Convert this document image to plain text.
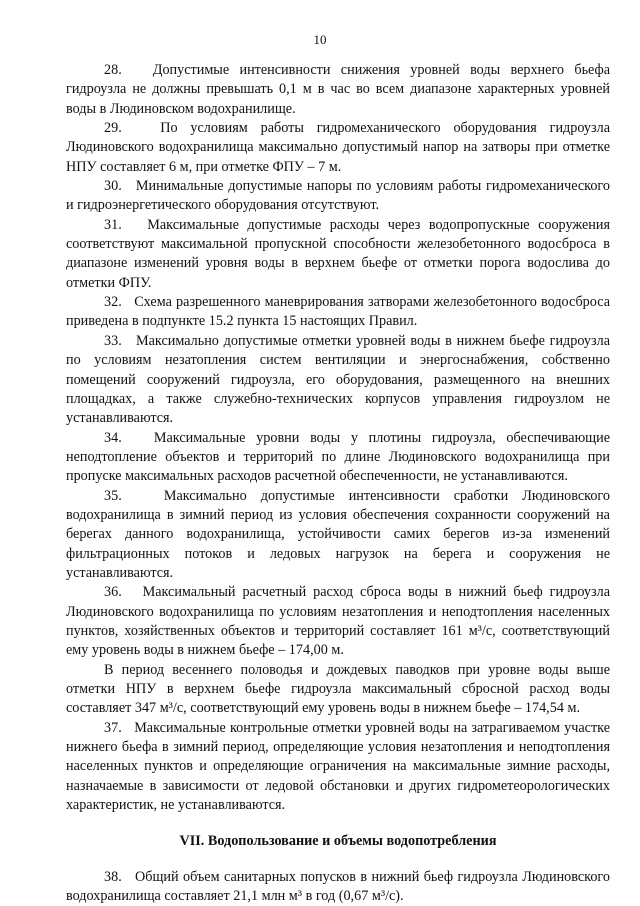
10

28.   Допустимые интенсивности снижения уровней воды верхнего бьефа гидроузла не должны превышать 0,1 м в час во всем диапазоне характерных уровней воды в Людиновском водохранилище.

29.   По условиям работы гидромеханического оборудования гидроузла Людиновского водохранилища максимально допустимый напор на затворы при отметке НПУ составляет 6 м, при отметке ФПУ – 7 м.

30.   Минимальные допустимые напоры по условиям работы гидромеханического и гидроэнергетического оборудования отсутствуют.

31.   Максимальные допустимые расходы через водопропускные сооружения соответствуют максимальной пропускной способности железобетонного водосброса в диапазоне изменений уровня воды в верхнем бьефе от отметки порога водослива до отметки ФПУ.

32.   Схема разрешенного маневрирования затворами железобетонного водосброса приведена в подпункте 15.2 пункта 15 настоящих Правил.

33.   Максимально допустимые отметки уровней воды в нижнем бьефе гидроузла по условиям незатопления систем вентиляции и энергоснабжения, собственно помещений сооружений гидроузла, его оборудования, размещенного на внешних площадках, а также служебно-технических корпусов управления гидроузлом не устанавливаются.

34.   Максимальные уровни воды у плотины гидроузла, обеспечивающие неподтопление объектов и территорий по длине Людиновского водохранилища при пропуске максимальных расходов расчетной обеспеченности, не устанавливаются.

35.   Максимально допустимые интенсивности сработки Людиновского водохранилища в зимний период из условия обеспечения сохранности сооружений на берегах данного водохранилища, устойчивости самих берегов из-за изменений фильтрационных потоков и ледовых нагрузок на берега и сооружения не устанавливаются.

36.   Максимальный расчетный расход сброса воды в нижний бьеф гидроузла Людиновского водохранилища по условиям незатопления и неподтопления населенных пунктов, хозяйственных объектов и территорий составляет 161 м³/с, соответствующий ему уровень воды в нижнем бьефе – 174,00 м.

В период весеннего половодья и дождевых паводков при уровне воды выше отметки НПУ в верхнем бьефе гидроузла максимальный сбросной расход воды составляет 347 м³/с, соответствующий ему уровень воды в нижнем бьефе – 174,54 м.

37.   Максимальные контрольные отметки уровней воды на затрагиваемом участке нижнего бьефа в зимний период, определяющие условия незатопления и неподтопления населенных пунктов и определяющие ограничения на максимальные зимние расходы, назначаемые в зависимости от ледовой обстановки и других гидрометеорологических характеристик, не устанавливаются.

VII. Водопользование и объемы водопотребления

38.   Общий объем санитарных попусков в нижний бьеф гидроузла Людиновского водохранилища составляет 21,1 млн м³ в год (0,67 м³/с).
